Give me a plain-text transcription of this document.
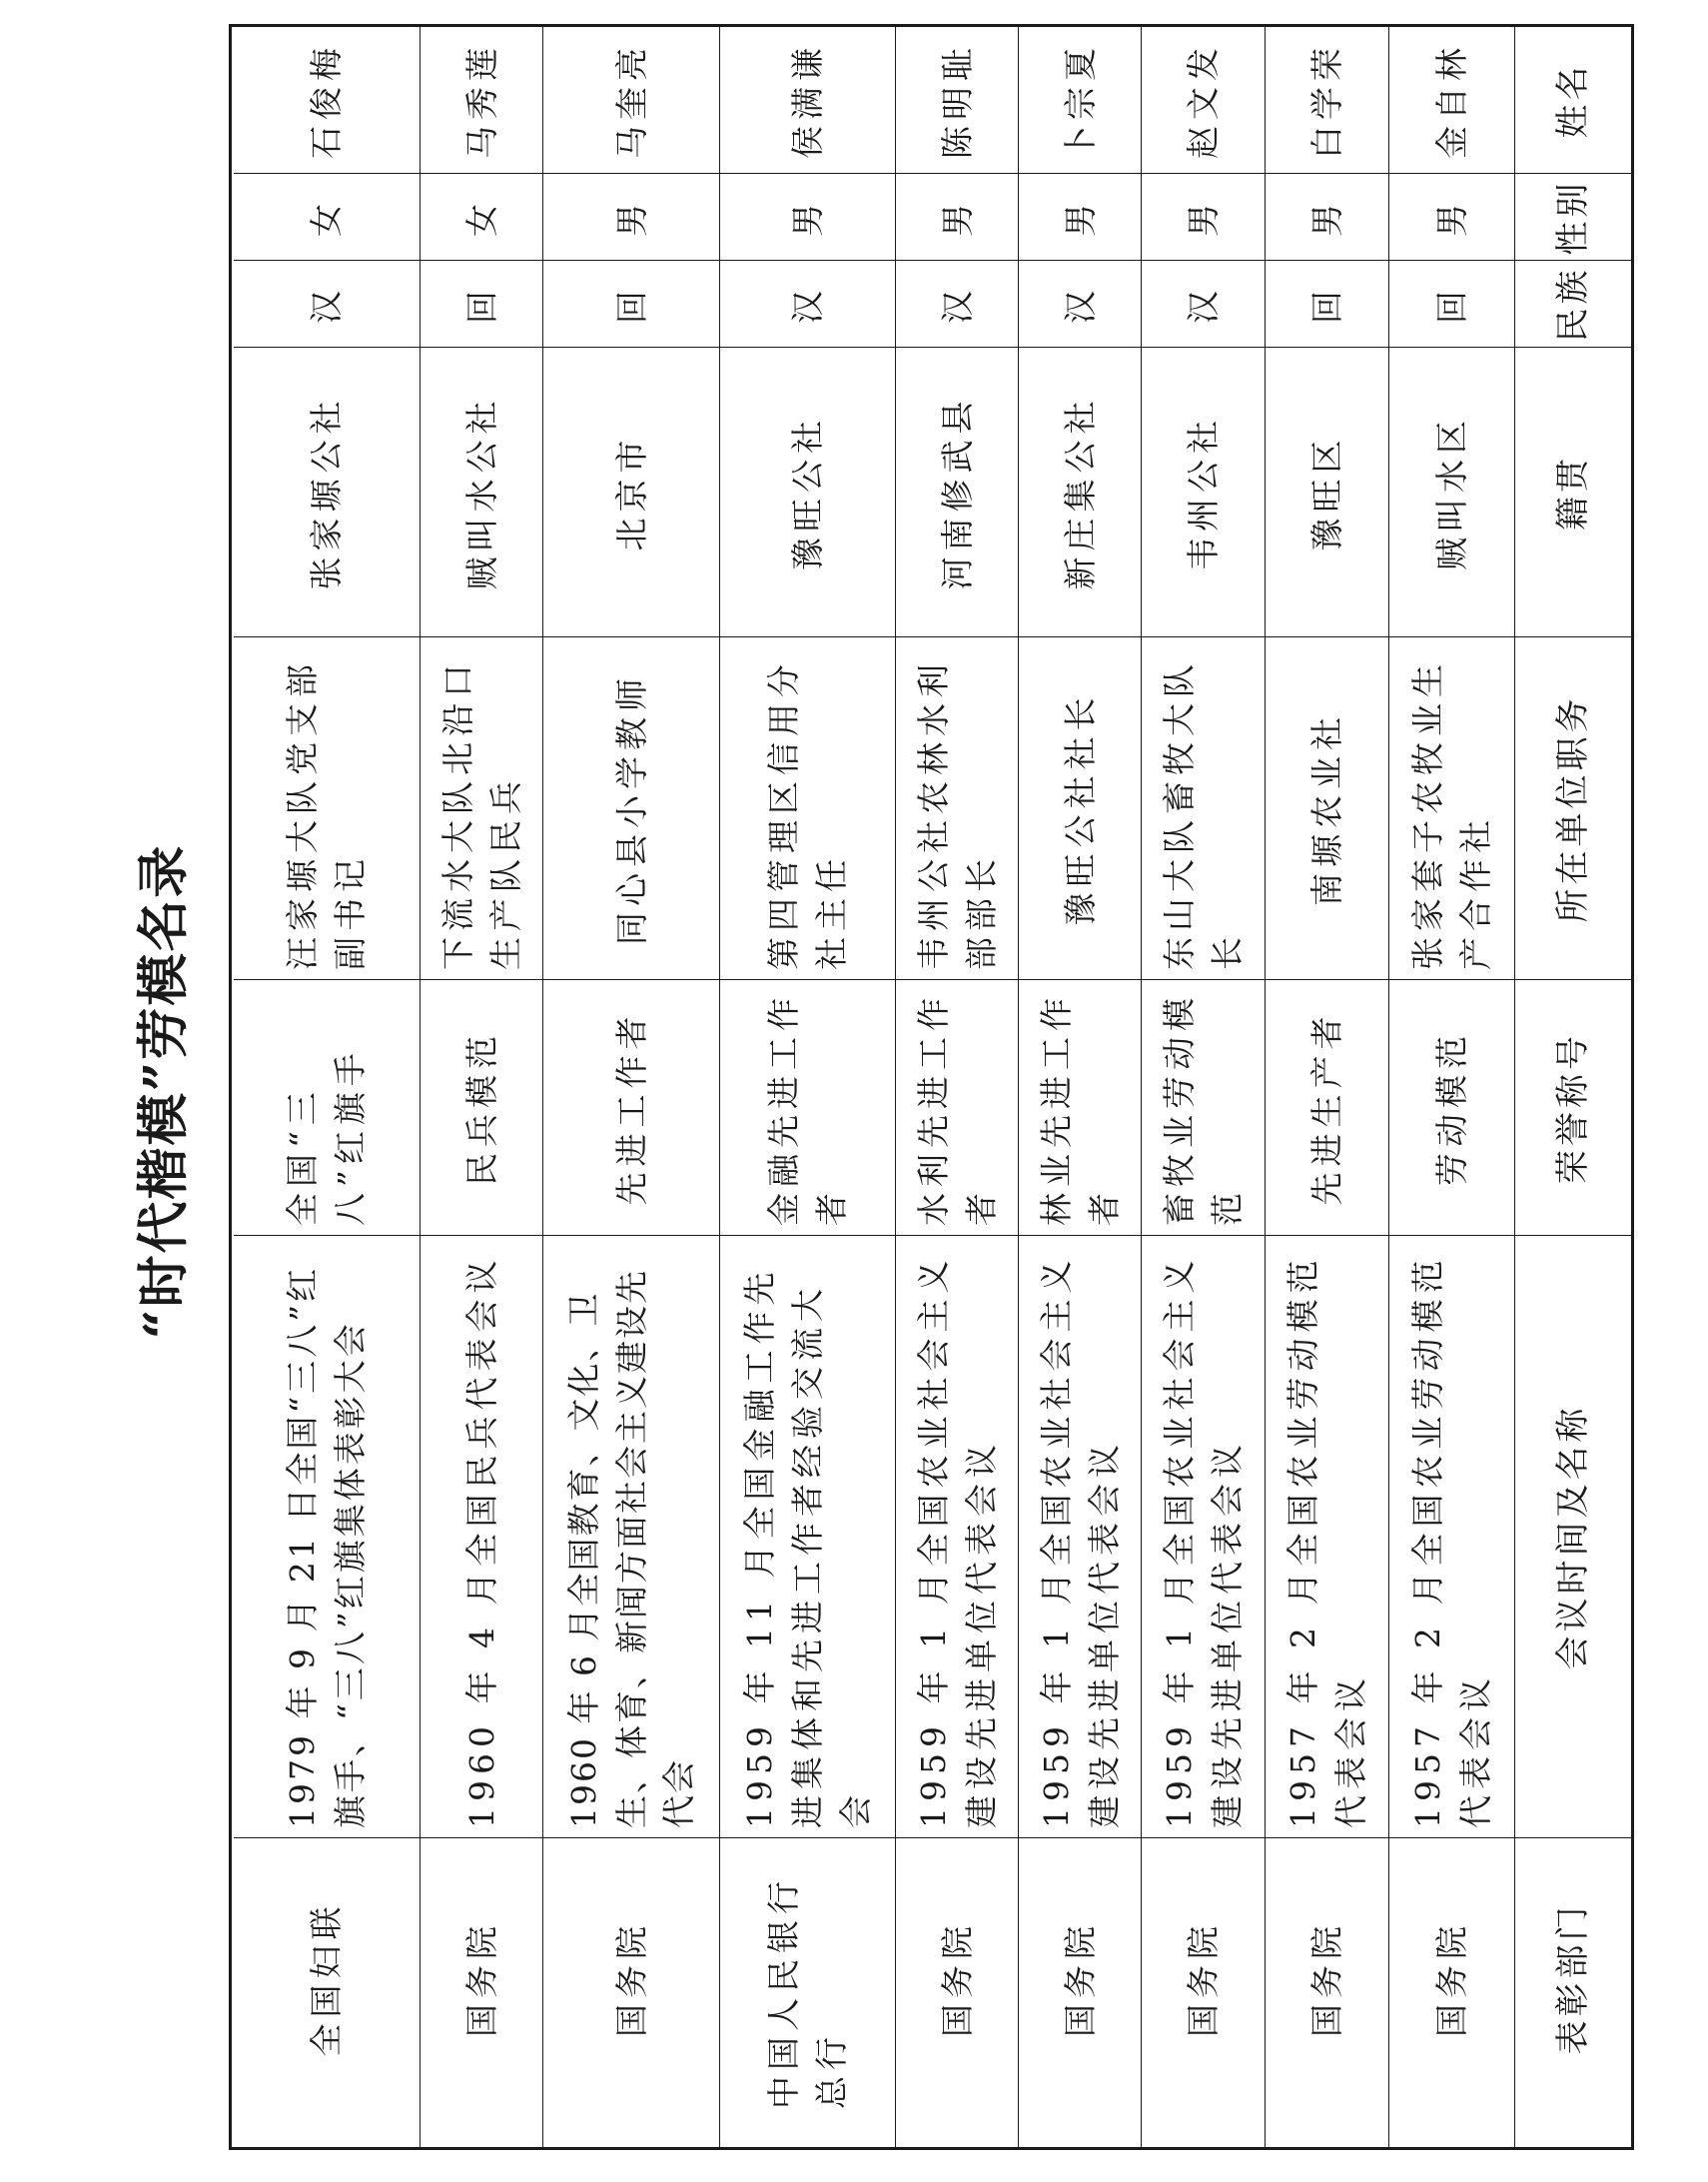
“时代楷模”劳模名录
姓名
性别
民族
籍贯
所在单位职务
荣誉称号
会议时间及名称
表彰部门
金自林
男
回
贼叫水区
张家套子农牧业生产合作社
劳动模范
1957 年 2 月全国农业劳动模范代表会议
国务院
白学荣
男
回
豫旺区
南塬农业社
先进生产者
1957 年 2 月全国农业劳动模范代表会议
国务院
赵文发
男
汉
韦州公社
东山大队畜牧大队长
畜牧业劳动模范
1959 年 1 月全国农业社会主义建设先进单位代表会议
国务院
卜宗夏
男
汉
新庄集公社
豫旺公社社长
林业先进工作者
1959 年 1 月全国农业社会主义建设先进单位代表会议
国务院
陈明耻
男
汉
河南修武县
韦州公社农林水利部部长
水利先进工作者
1959 年 1 月全国农业社会主义建设先进单位代表会议
国务院
侯满谦
男
汉
豫旺公社
第四管理区信用分社主任
金融先进工作者
1959 年 11 月全国金融工作先进集体和先进工作者经验交流大会
中国人民银行总行
马奎亮
男
回
北京市
同心县小学教师
先进工作者
1960 年 6 月全国教育、文化、卫生、体育、新闻方面社会主义建设先代会
国务院
马秀莲
女
回
贼叫水公社
下流水大队北沿口生产队民兵
民兵模范
1960 年 4 月全国民兵代表会议
国务院
石俊梅
女
汉
张家塬公社
汪家塬大队党支部副书记
全国“三八”红旗手
1979 年 9 月 21 日全国“三八”红旗手、“三八”红旗集体表彰大会
全国妇联
